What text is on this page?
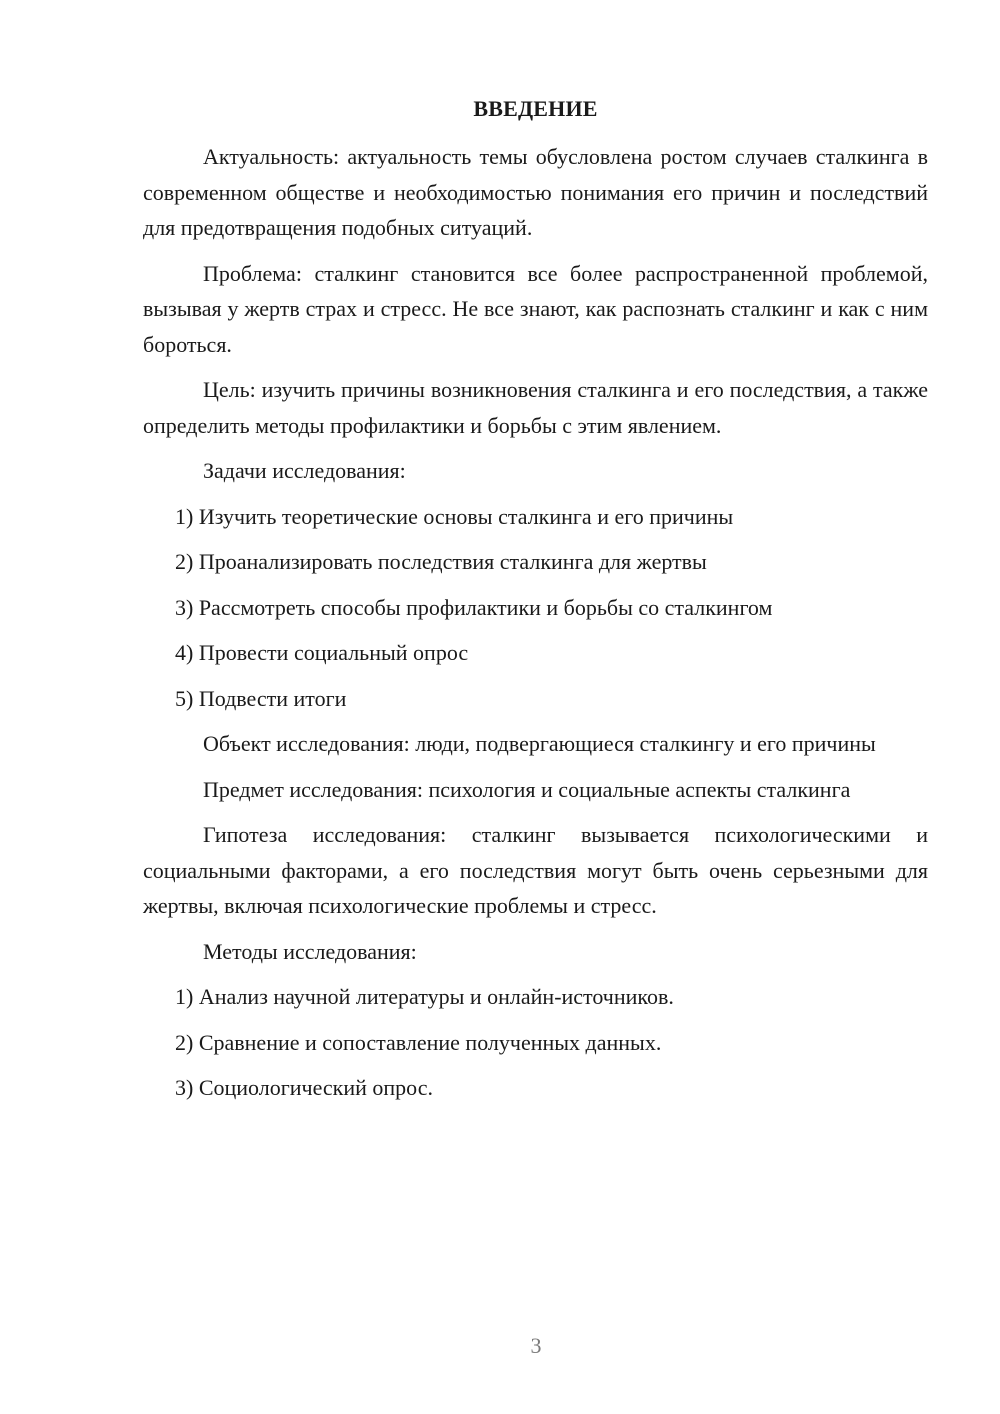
ВВЕДЕНИЕ

Актуальность: актуальность темы обусловлена ростом случаев сталкинга в современном обществе и необходимостью понимания его причин и последствий для предотвращения подобных ситуаций.

Проблема: сталкинг становится все более распространенной проблемой, вызывая у жертв страх и стресс. Не все знают, как распознать сталкинг и как с ним бороться.

Цель: изучить причины возникновения сталкинга и его последствия, а также определить методы профилактики и борьбы с этим явлением.

Задачи исследования:

1) Изучить теоретические основы сталкинга и его причины
2) Проанализировать последствия сталкинга для жертвы
3) Рассмотреть способы профилактики и борьбы со сталкингом
4) Провести социальный опрос
5) Подвести итоги

Объект исследования: люди, подвергающиеся сталкингу и его причины

Предмет исследования: психология и социальные аспекты сталкинга

Гипотеза исследования: сталкинг вызывается психологическими и социальными факторами, а его последствия могут быть очень серьезными для жертвы, включая психологические проблемы и стресс.

Методы исследования:

1) Анализ научной литературы и онлайн-источников.
2) Сравнение и сопоставление полученных данных.
3) Социологический опрос.
3
